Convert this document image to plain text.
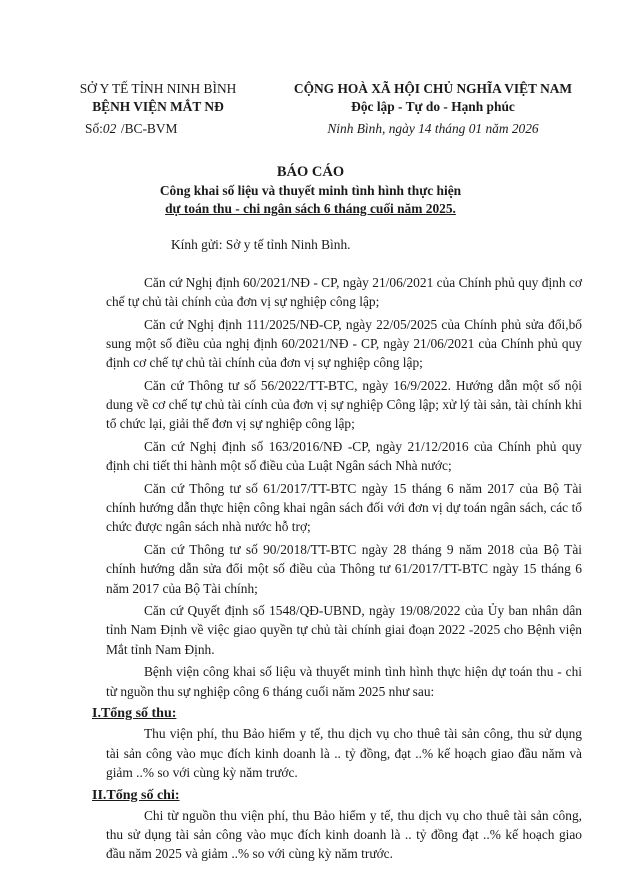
SỞ Y TẾ TỈNH NINH BÌNH
BỆNH VIỆN MẮT NĐ
Số:02 /BC-BVM
CỘNG HOÀ XÃ HỘI CHỦ NGHĨA VIỆT NAM
Độc lập - Tự do - Hạnh phúc
Ninh Bình, ngày 14 tháng 01 năm 2026
BÁO CÁO
Công khai số liệu và thuyết minh tình hình thực hiện
dự toán thu - chi ngân sách 6 tháng cuối năm 2025.
Kính gửi: Sở y tế tỉnh Ninh Bình.

Căn cứ Nghị định 60/2021/NĐ - CP, ngày 21/06/2021 của Chính phủ quy định cơ chế tự chủ tài chính của đơn vị sự nghiệp công lập;

Căn cứ Nghị định 111/2025/NĐ-CP, ngày 22/05/2025 của Chính phủ sửa đổi,bổ sung một số điều của nghị định 60/2021/NĐ - CP, ngày 21/06/2021 của Chính phủ quy định cơ chế tự chủ tài chính của đơn vị sự nghiệp công lập;

Căn cứ Thông tư số 56/2022/TT-BTC, ngày 16/9/2022. Hướng dẫn một số nội dung về cơ chế tự chủ tài cính của đơn vị sự nghiệp Công lập; xử lý tài sản, tài chính khi tổ chức lại, giải thể đơn vị sự nghiệp công lập;

Căn cứ Nghị định số 163/2016/NĐ -CP, ngày 21/12/2016 của Chính phủ quy định chi tiết thi hành một số điều của Luật Ngân sách Nhà nước;

Căn cứ Thông tư số 61/2017/TT-BTC ngày 15 tháng 6 năm 2017 của Bộ Tài chính hướng dẫn thực hiện công khai ngân sách đối với đơn vị dự toán ngân sách, các tổ chức được ngân sách nhà nước hỗ trợ;

Căn cứ Thông tư số 90/2018/TT-BTC ngày 28 tháng 9 năm 2018 của Bộ Tài chính hướng dẫn sửa đổi một số điều của Thông tư 61/2017/TT-BTC ngày 15 tháng 6 năm 2017 của Bộ Tài chính;

Căn cứ Quyết định số 1548/QĐ-UBND, ngày 19/08/2022 của Ủy ban nhân dân tỉnh Nam Định về việc giao quyền tự chủ tài chính giai đoạn 2022 -2025 cho Bệnh viện Mắt tỉnh Nam Định.

Bệnh viện công khai số liệu và thuyết minh tình hình thực hiện dự toán thu - chi từ nguồn thu sự nghiệp công 6 tháng cuối năm 2025 như sau:

I.Tổng số thu:

Thu viện phí, thu Bảo hiểm y tế, thu dịch vụ cho thuê tài sản công, thu sử dụng tài sản công vào mục đích kinh doanh là .. tỷ đồng, đạt ..% kế hoạch giao đầu năm và giảm ..% so với cùng kỳ năm trước.

II.Tổng số chi:

Chi từ nguồn thu viện phí, thu Bảo hiểm y tế, thu dịch vụ cho thuê tài sản công, thu sử dụng tài sản công vào mục đích kinh doanh là .. tỷ đồng đạt ..% kế hoạch giao đầu năm 2025 và giảm ..% so với cùng kỳ năm trước.
